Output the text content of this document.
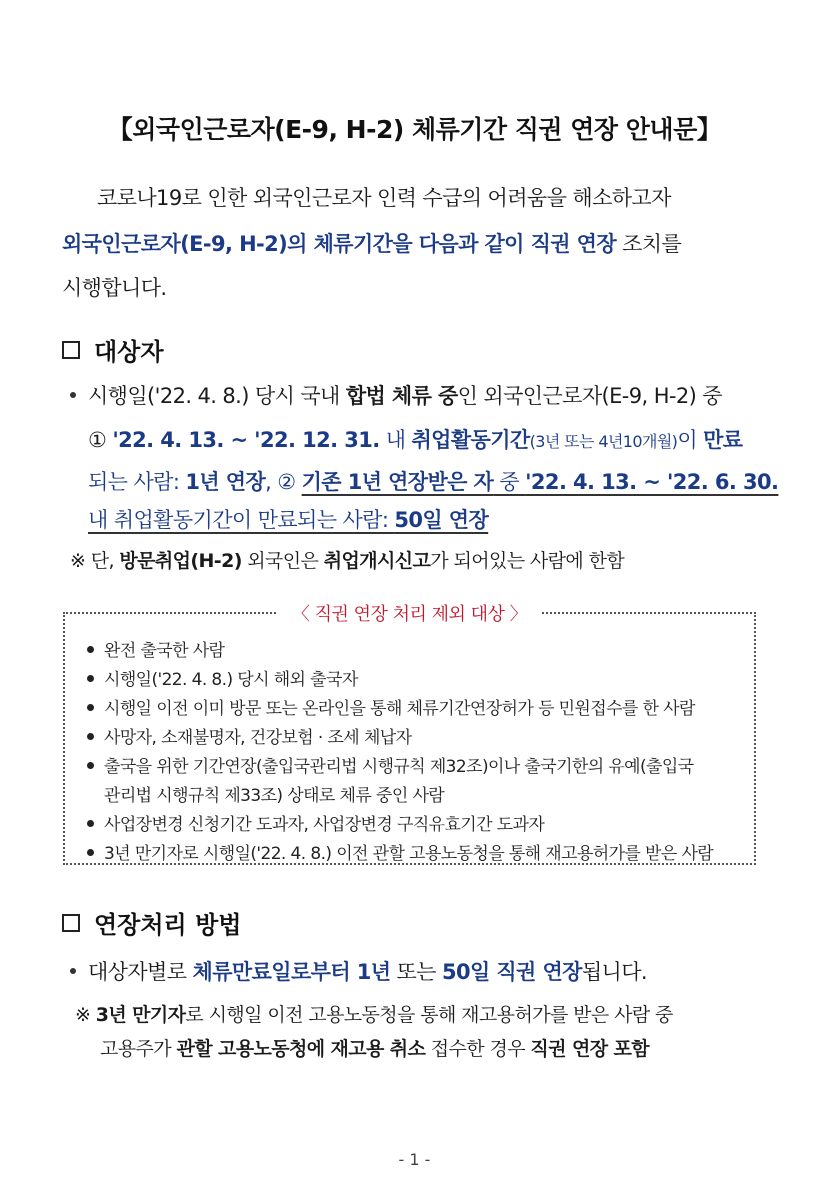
【외국인근로자(E-9, H-2) 체류기간 직권 연장 안내문】
코로나19로 인한 외국인근로자 인력 수급의 어려움을 해소하고자
외국인근로자(E-9, H-2)의 체류기간을 다음과 같이 직권 연장 조치를
시행합니다.
대상자
시행일('22. 4. 8.) 당시 국내 합법 체류 중인 외국인근로자(E-9, H-2) 중
① '22. 4. 13. ~ '22. 12. 31. 내 취업활동기간(3년 또는 4년10개월)이 만료
되는 사람: 1년 연장, ② 기존 1년 연장받은 자 중 '22. 4. 13. ~ '22. 6. 30.
내 취업활동기간이 만료되는 사람: 50일 연장
※ 단, 방문취업(H-2) 외국인은 취업개시신고가 되어있는 사람에 한함
〈 직권 연장 처리 제외 대상 〉
완전 출국한 사람
시행일('22. 4. 8.) 당시 해외 출국자
시행일 이전 이미 방문 또는 온라인을 통해 체류기간연장허가 등 민원접수를 한 사람
사망자, 소재불명자, 건강보험 · 조세 체납자
출국을 위한 기간연장(출입국관리법 시행규칙 제32조)이나 출국기한의 유예(출입국
관리법 시행규칙 제33조) 상태로 체류 중인 사람
사업장변경 신청기간 도과자, 사업장변경 구직유효기간 도과자
3년 만기자로 시행일('22. 4. 8.) 이전 관할 고용노동청을 통해 재고용허가를 받은 사람
연장처리 방법
대상자별로 체류만료일로부터 1년 또는 50일 직권 연장됩니다.
※ 3년 만기자로 시행일 이전 고용노동청을 통해 재고용허가를 받은 사람 중
고용주가 관할 고용노동청에 재고용 취소 접수한 경우 직권 연장 포함
- 1 -
